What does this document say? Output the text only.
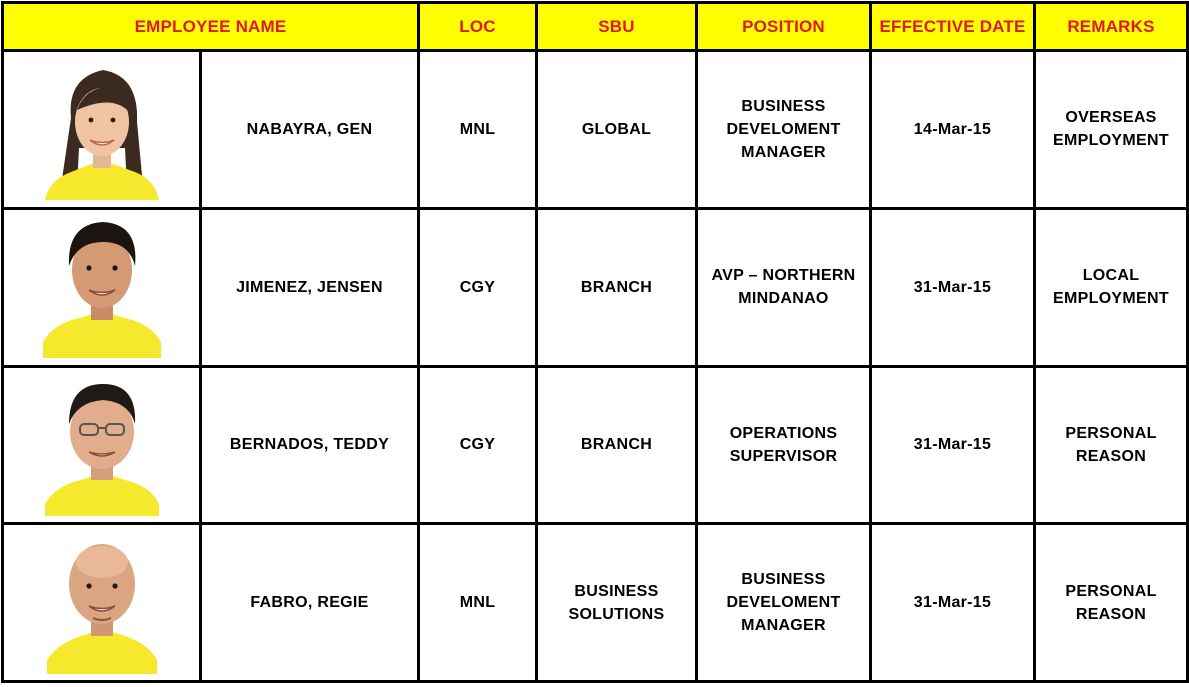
EMPLOYEE NAME		LOC	SBU	POSITION	EFFECTIVE DATE	REMARKS

	NABAYRA, GEN	MNL	GLOBAL	BUSINESS
DEVELOMENT
MANAGER	14-Mar-15	OVERSEAS
EMPLOYMENT

	JIMENEZ, JENSEN	CGY	BRANCH	AVP – NORTHERN
MINDANAO	31-Mar-15	LOCAL
EMPLOYMENT

	BERNADOS, TEDDY	CGY	BRANCH	OPERATIONS
SUPERVISOR	31-Mar-15	PERSONAL
REASON

	FABRO, REGIE	MNL	BUSINESS
SOLUTIONS	BUSINESS
DEVELOMENT
MANAGER	31-Mar-15	PERSONAL
REASON
